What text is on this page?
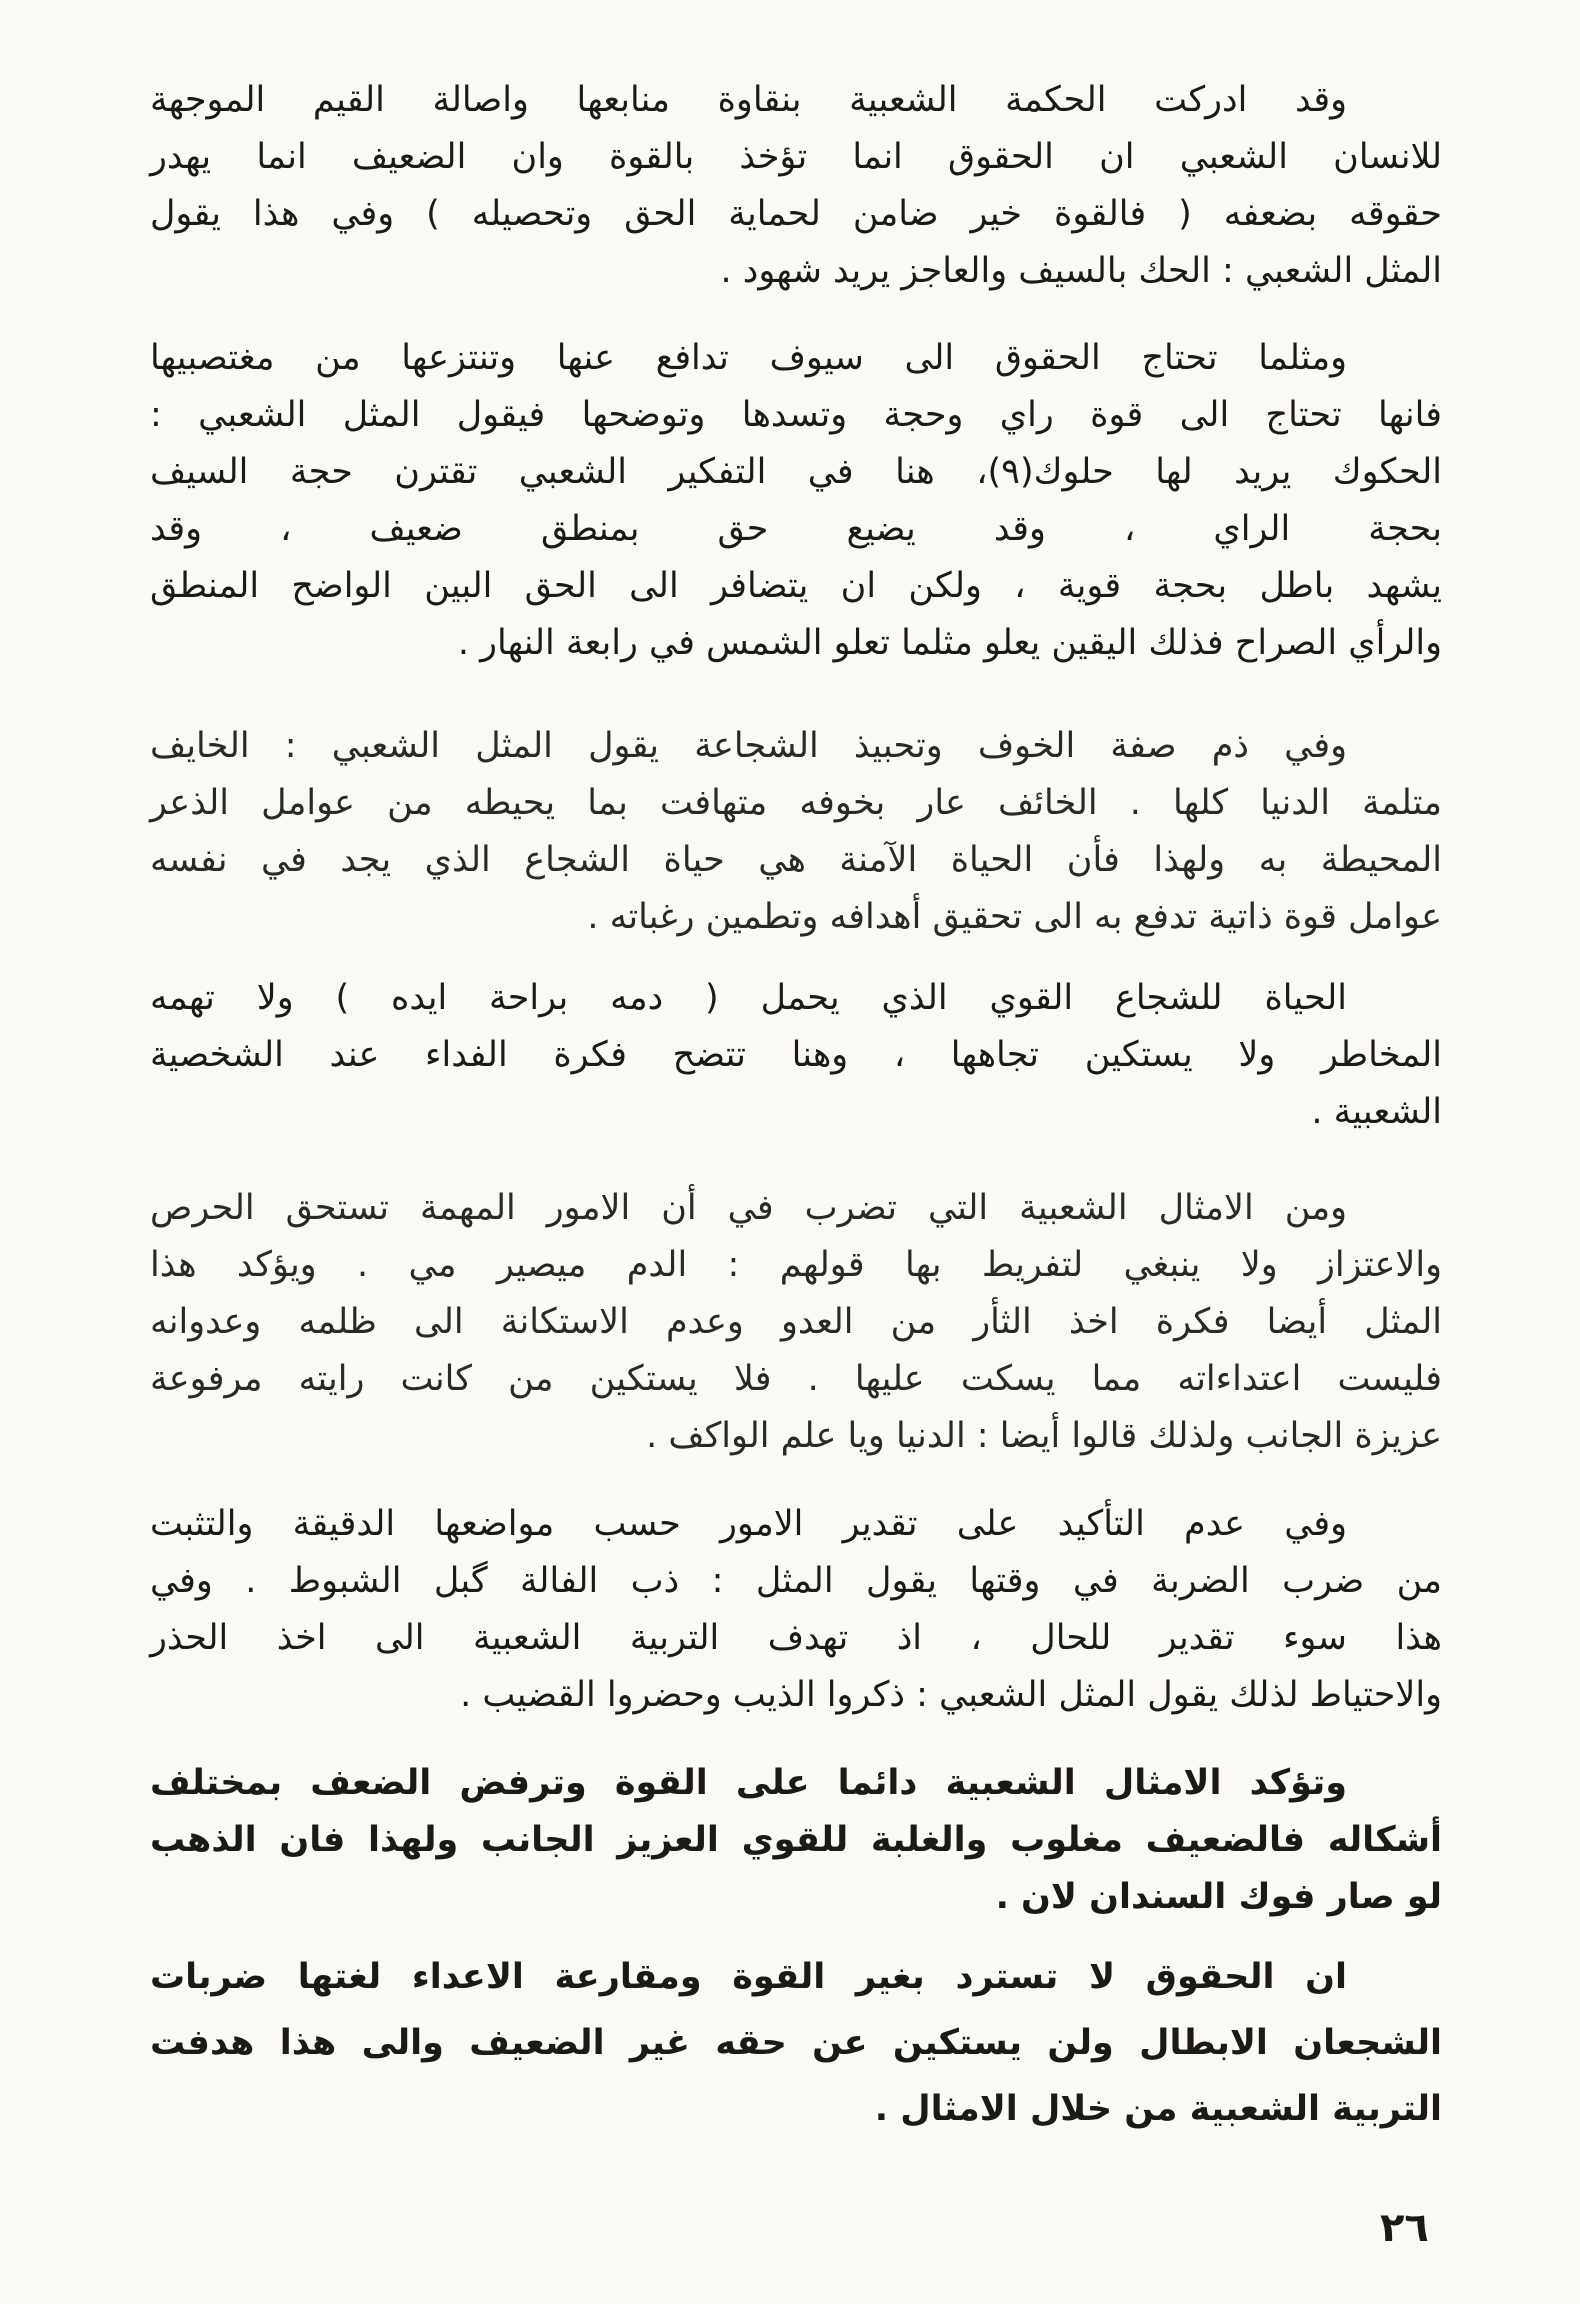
وقد ادركت الحكمة الشعبية بنقاوة منابعها واصالة القيم الموجهة
للانسان الشعبي ان الحقوق انما تؤخذ بالقوة وان الضعيف انما يهدر
حقوقه بضعفه ( فالقوة خير ضامن لحماية الحق وتحصيله ) وفي هذا يقول
المثل الشعبي : الحك بالسيف والعاجز يريد شهود .
ومثلما تحتاج الحقوق الى سيوف تدافع عنها وتنتزعها من مغتصبيها
فانها تحتاج الى قوة راي وحجة وتسدها وتوضحها فيقول المثل الشعبي :
الحكوك يريد لها حلوك(٩)، هنا في التفكير الشعبي تقترن حجة السيف
بحجة الراي ، وقد يضيع حق بمنطق ضعيف ، وقد
يشهد باطل بحجة قوية ، ولكن ان يتضافر الى الحق البين الواضح المنطق
والرأي الصراح فذلك اليقين يعلو مثلما تعلو الشمس في رابعة النهار .
وفي ذم صفة الخوف وتحبيذ الشجاعة يقول المثل الشعبي : الخايف
متلمة الدنيا كلها . الخائف عار بخوفه متهافت بما يحيطه من عوامل الذعر
المحيطة به ولهذا فأن الحياة الآمنة هي حياة الشجاع الذي يجد في نفسه
عوامل قوة ذاتية تدفع به الى تحقيق أهدافه وتطمين رغباته .
الحياة للشجاع القوي الذي يحمل ( دمه براحة ايده ) ولا تهمه
المخاطر ولا يستكين تجاهها ، وهنا تتضح فكرة الفداء عند الشخصية
الشعبية .
ومن الامثال الشعبية التي تضرب في أن الامور المهمة تستحق الحرص
والاعتزاز ولا ينبغي لتفريط بها قولهم : الدم ميصير مي . ويؤكد هذا
المثل أيضا فكرة اخذ الثأر من العدو وعدم الاستكانة الى ظلمه وعدوانه
فليست اعتداءاته مما يسكت عليها . فلا يستكين من كانت رايته مرفوعة
عزيزة الجانب ولذلك قالوا أيضا : الدنيا ويا علم الواكف .
وفي عدم التأكيد على تقدير الامور حسب مواضعها الدقيقة والتثبت
من ضرب الضربة في وقتها يقول المثل : ذب الفالة گبل الشبوط . وفي
هذا سوء تقدير للحال ، اذ تهدف التربية الشعبية الى اخذ الحذر
والاحتياط لذلك يقول المثل الشعبي : ذكروا الذيب وحضروا القضيب .
وتؤكد الامثال الشعبية دائما على القوة وترفض الضعف بمختلف
أشكاله فالضعيف مغلوب والغلبة للقوي العزيز الجانب ولهذا فان الذهب
لو صار فوك السندان لان .
ان الحقوق لا تسترد بغير القوة ومقارعة الاعداء لغتها ضربات
الشجعان الابطال ولن يستكين عن حقه غير الضعيف والى هذا هدفت
التربية الشعبية من خلال الامثال .
٢٦
